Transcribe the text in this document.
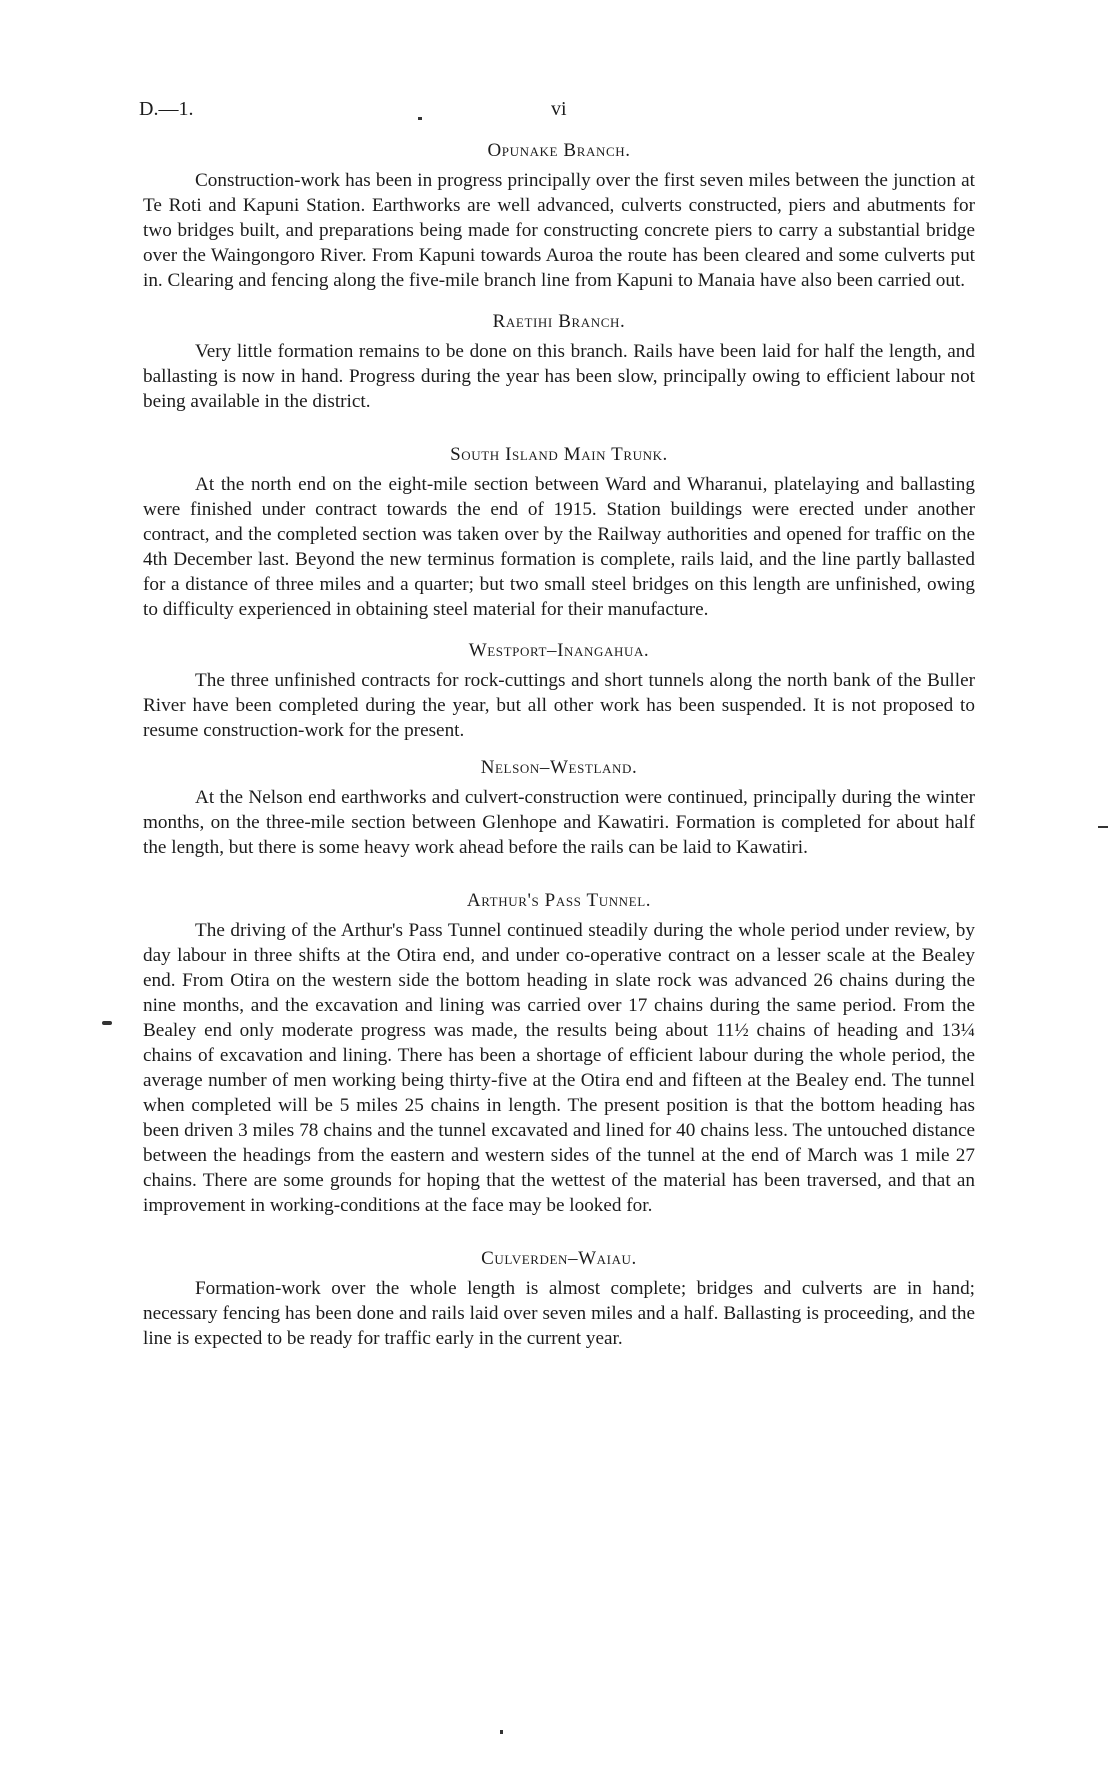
D.—1.	vi

Opunake Branch.

Construction-work has been in progress principally over the first seven miles between the junction at Te Roti and Kapuni Station. Earthworks are well advanced, culverts constructed, piers and abutments for two bridges built, and preparations being made for constructing concrete piers to carry a substantial bridge over the Waingongoro River. From Kapuni towards Auroa the route has been cleared and some culverts put in. Clearing and fencing along the five-mile branch line from Kapuni to Manaia have also been carried out.

Raetihi Branch.

Very little formation remains to be done on this branch. Rails have been laid for half the length, and ballasting is now in hand. Progress during the year has been slow, principally owing to efficient labour not being available in the district.

South Island Main Trunk.

At the north end on the eight-mile section between Ward and Wharanui, platelaying and ballasting were finished under contract towards the end of 1915. Station buildings were erected under another contract, and the completed section was taken over by the Railway authorities and opened for traffic on the 4th December last. Beyond the new terminus formation is complete, rails laid, and the line partly ballasted for a distance of three miles and a quarter; but two small steel bridges on this length are unfinished, owing to difficulty experienced in obtaining steel material for their manufacture.

Westport–Inangahua.

The three unfinished contracts for rock-cuttings and short tunnels along the north bank of the Buller River have been completed during the year, but all other work has been suspended. It is not proposed to resume construction-work for the present.

Nelson–Westland.

At the Nelson end earthworks and culvert-construction were continued, principally during the winter months, on the three-mile section between Glenhope and Kawatiri. Formation is completed for about half the length, but there is some heavy work ahead before the rails can be laid to Kawatiri.

Arthur's Pass Tunnel.

The driving of the Arthur's Pass Tunnel continued steadily during the whole period under review, by day labour in three shifts at the Otira end, and under co-operative contract on a lesser scale at the Bealey end. From Otira on the western side the bottom heading in slate rock was advanced 26 chains during the nine months, and the excavation and lining was carried over 17 chains during the same period. From the Bealey end only moderate progress was made, the results being about 11½ chains of heading and 13¼ chains of excavation and lining. There has been a shortage of efficient labour during the whole period, the average number of men working being thirty-five at the Otira end and fifteen at the Bealey end. The tunnel when completed will be 5 miles 25 chains in length. The present position is that the bottom heading has been driven 3 miles 78 chains and the tunnel excavated and lined for 40 chains less. The untouched distance between the headings from the eastern and western sides of the tunnel at the end of March was 1 mile 27 chains. There are some grounds for hoping that the wettest of the material has been traversed, and that an improvement in working-conditions at the face may be looked for.

Culverden–Waiau.

Formation-work over the whole length is almost complete; bridges and culverts are in hand; necessary fencing has been done and rails laid over seven miles and a half. Ballasting is proceeding, and the line is expected to be ready for traffic early in the current year.
